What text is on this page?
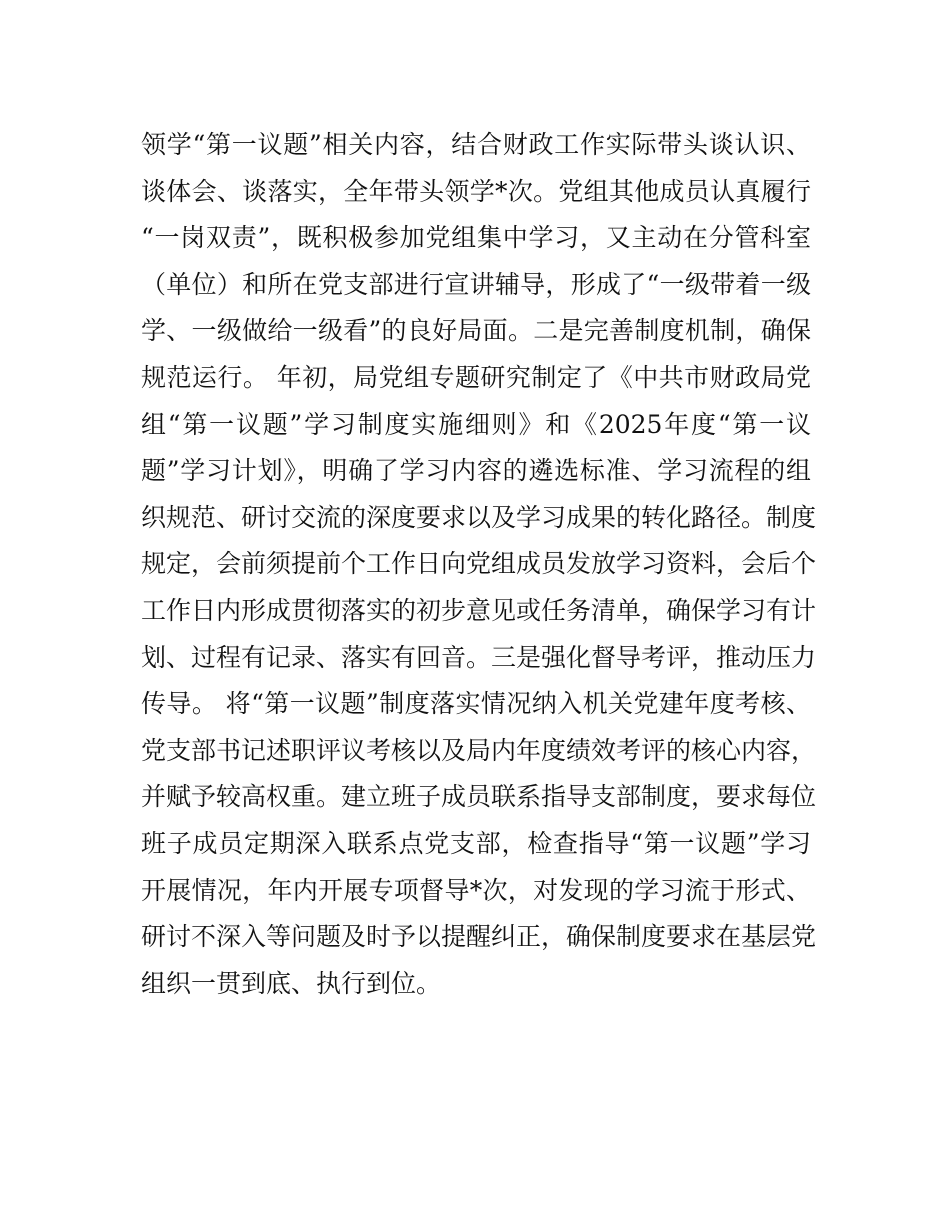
领学“第一议题”相关内容，结合财政工作实际带头谈认识、
谈体会、谈落实，全年带头领学*次。党组其他成员认真履行
“一岗双责”，既积极参加党组集中学习，又主动在分管科室
（单位）和所在党支部进行宣讲辅导，形成了“一级带着一级
学、一级做给一级看”的良好局面。二是完善制度机制，确保
规范运行。 年初，局党组专题研究制定了《中共市财政局党
组“第一议题”学习制度实施细则》和《2025年度“第一议
题”学习计划》，明确了学习内容的遴选标准、学习流程的组
织规范、研讨交流的深度要求以及学习成果的转化路径。制度
规定，会前须提前个工作日向党组成员发放学习资料，会后个
工作日内形成贯彻落实的初步意见或任务清单，确保学习有计
划、过程有记录、落实有回音。三是强化督导考评，推动压力
传导。 将“第一议题”制度落实情况纳入机关党建年度考核、
党支部书记述职评议考核以及局内年度绩效考评的核心内容，
并赋予较高权重。建立班子成员联系指导支部制度，要求每位
班子成员定期深入联系点党支部，检查指导“第一议题”学习
开展情况，年内开展专项督导*次，对发现的学习流于形式、
研讨不深入等问题及时予以提醒纠正，确保制度要求在基层党
组织一贯到底、执行到位。
